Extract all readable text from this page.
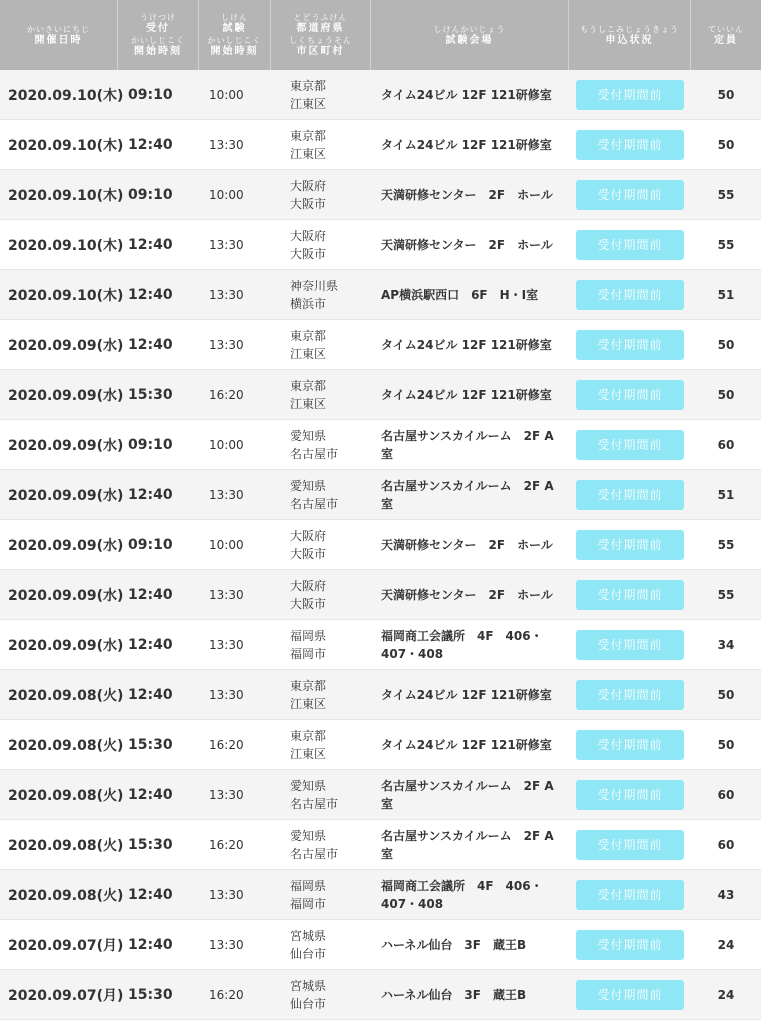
かいさいにちじ
開催日時
うけつけ
受付
かいしじこく
開始時刻
しけん
試験
かいしじこく
開始時刻
とどうふけん
都道府県
しくちょうそん
市区町村
しけんかいじょう
試験会場
もうしこみじょうきょう
申込状況
ていいん
定員
2020.09.10(木) 09:10	10:00
東京都
江東区
タイム24ビル 12F 121研修室	受付期間前	50
2020.09.10(木) 12:40	13:30
東京都
江東区
タイム24ビル 12F 121研修室	受付期間前	50
2020.09.10(木) 09:10	10:00
大阪府
大阪市
天満研修センター　2F　ホール	受付期間前	55
2020.09.10(木) 12:40	13:30
大阪府
大阪市
天満研修センター　2F　ホール	受付期間前	55
2020.09.10(木) 12:40	13:30
神奈川県
横浜市
AP横浜駅西口　6F　H・I室	受付期間前	51
2020.09.09(水) 12:40	13:30
東京都
江東区
タイム24ビル 12F 121研修室	受付期間前	50
2020.09.09(水) 15:30	16:20
東京都
江東区
タイム24ビル 12F 121研修室	受付期間前	50
2020.09.09(水) 09:10	10:00
愛知県
名古屋市
名古屋サンスカイルーム　2F A室
受付期間前	60
2020.09.09(水) 12:40	13:30
愛知県
名古屋市
名古屋サンスカイルーム　2F A室
受付期間前	51
2020.09.09(水) 09:10	10:00
大阪府
大阪市
天満研修センター　2F　ホール	受付期間前	55
2020.09.09(水) 12:40	13:30
大阪府
大阪市
天満研修センター　2F　ホール	受付期間前	55
2020.09.09(水) 12:40	13:30
福岡県
福岡市
福岡商工会議所　4F　406・407・408
受付期間前	34
2020.09.08(火) 12:40	13:30
東京都
江東区
タイム24ビル 12F 121研修室	受付期間前	50
2020.09.08(火) 15:30	16:20
東京都
江東区
タイム24ビル 12F 121研修室	受付期間前	50
2020.09.08(火) 12:40	13:30
愛知県
名古屋市
名古屋サンスカイルーム　2F A室
受付期間前	60
2020.09.08(火) 15:30	16:20
愛知県
名古屋市
名古屋サンスカイルーム　2F A室
受付期間前	60
2020.09.08(火) 12:40	13:30
福岡県
福岡市
福岡商工会議所　4F　406・407・408
受付期間前	43
2020.09.07(月) 12:40	13:30
宮城県
仙台市
ハーネル仙台　3F　蔵王B	受付期間前	24
2020.09.07(月) 15:30	16:20
宮城県
仙台市
ハーネル仙台　3F　蔵王B	受付期間前	24
